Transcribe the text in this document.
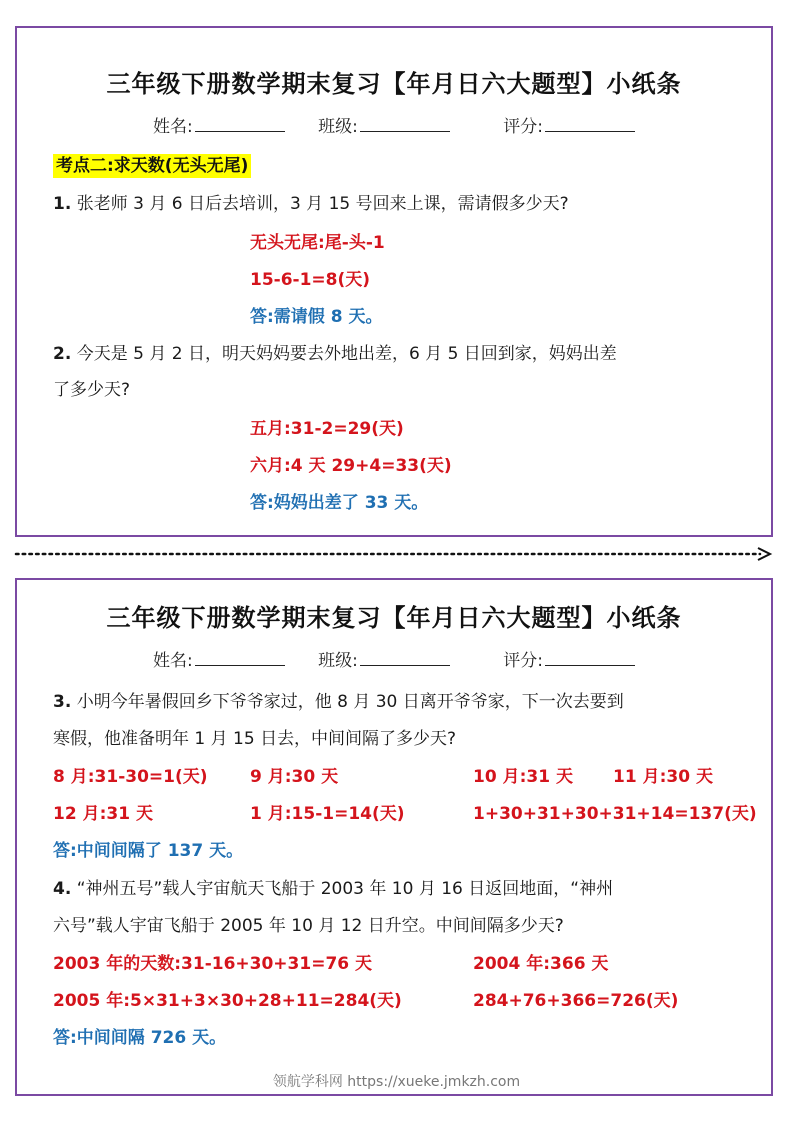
三年级下册数学期末复习【年月日六大题型】小纸条
姓名:	班级:	评分:
考点二:求天数(无头无尾)
1. 张老师 3 月 6 日后去培训，3 月 15 号回来上课，需请假多少天?
无头无尾:尾-头-1
15-6-1=8(天)
答:需请假 8 天。
2. 今天是 5 月 2 日，明天妈妈要去外地出差，6 月 5 日回到家，妈妈出差
了多少天?
五月:31-2=29(天)
六月:4 天 29+4=33(天)
答:妈妈出差了 33 天。
三年级下册数学期末复习【年月日六大题型】小纸条
姓名:	班级:	评分:
3. 小明今年暑假回乡下爷爷家过，他 8 月 30 日离开爷爷家，下一次去要到
寒假，他准备明年 1 月 15 日去，中间间隔了多少天?
8 月:31-30=1(天) 9 月:30 天	10 月:31 天 11 月:30 天
12 月:31 天	1 月:15-1=14(天)	1+30+31+30+31+14=137(天)
答:中间间隔了 137 天。
4. “神州五号”载人宇宙航天飞船于 2003 年 10 月 16 日返回地面，“神州
六号”载人宇宙飞船于 2005 年 10 月 12 日升空。中间间隔多少天?
2003 年的天数:31-16+30+31=76 天	2004 年:366 天
2005 年:5×31+3×30+28+11=284(天)	284+76+366=726(天)
答:中间间隔 726 天。
领航学科网 https://xueke.jmkzh.com
